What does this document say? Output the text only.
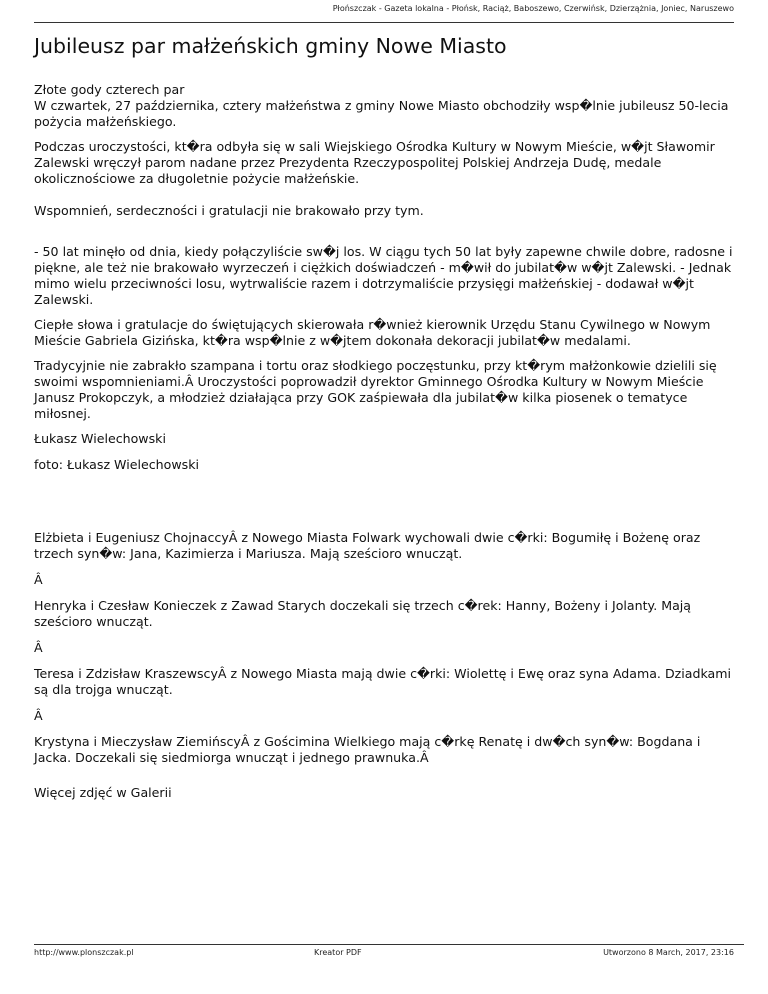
Płońszczak - Gazeta lokalna - Płońsk, Raciąż, Baboszewo, Czerwińsk, Dzierzążnia, Joniec, Naruszewo
Jubileusz par małżeńskich gminy Nowe Miasto

Złote gody czterech par
W czwartek, 27 października, cztery małżeństwa z gminy Nowe Miasto obchodziły wsp�lnie jubileusz 50-lecia pożycia małżeńskiego.

Podczas uroczystości, kt�ra odbyła się w sali Wiejskiego Ośrodka Kultury w Nowym Mieście, w�jt Sławomir Zalewski wręczył parom nadane przez Prezydenta Rzeczypospolitej Polskiej Andrzeja Dudę, medale okolicznościowe za długoletnie pożycie małżeńskie.

Wspomnień, serdeczności i gratulacji nie brakowało przy tym.

- 50 lat minęło od dnia, kiedy połączyliście sw�j los. W ciągu tych 50 lat były zapewne chwile dobre, radosne i piękne, ale też nie brakowało wyrzeczeń i ciężkich doświadczeń - m�wił do jubilat�w w�jt Zalewski. - Jednak mimo wielu przeciwności losu, wytrwaliście razem i dotrzymaliście przysięgi małżeńskiej - dodawał w�jt Zalewski.

Ciepłe słowa i gratulacje do świętujących skierowała r�wnież kierownik Urzędu Stanu Cywilnego w Nowym Mieście Gabriela Gizińska, kt�ra wsp�lnie z w�jtem dokonała dekoracji jubilat�w medalami.

Tradycyjnie nie zabrakło szampana i tortu oraz słodkiego poczęstunku, przy kt�rym małżonkowie dzielili się swoimi wspomnieniami.Â Uroczystości poprowadził dyrektor Gminnego Ośrodka Kultury w Nowym Mieście Janusz Prokopczyk, a młodzież działająca przy GOK zaśpiewała dla jubilat�w kilka piosenek o tematyce miłosnej.

Łukasz Wielechowski

foto: Łukasz Wielechowski

Elżbieta i Eugeniusz ChojnaccyÂ z Nowego Miasta Folwark wychowali dwie c�rki: Bogumiłę i Bożenę oraz trzech syn�w: Jana, Kazimierza i Mariusza. Mają sześcioro wnucząt.

Â

Henryka i Czesław Konieczek z Zawad Starych doczekali się trzech c�rek: Hanny, Bożeny i Jolanty. Mają sześcioro wnucząt.

Â

Teresa i Zdzisław KraszewscyÂ z Nowego Miasta mają dwie c�rki: Wiolettę i Ewę oraz syna Adama. Dziadkami są dla trojga wnucząt.

Â

Krystyna i Mieczysław ZiemińscyÂ z Gościmina Wielkiego mają c�rkę Renatę i dw�ch syn�w: Bogdana i Jacka. Doczekali się siedmiorga wnucząt i jednego prawnuka.Â

Więcej zdjęć w Galerii

http://www.plonszczak.pl	Kreator PDF	Utworzono 8 March, 2017, 23:16
